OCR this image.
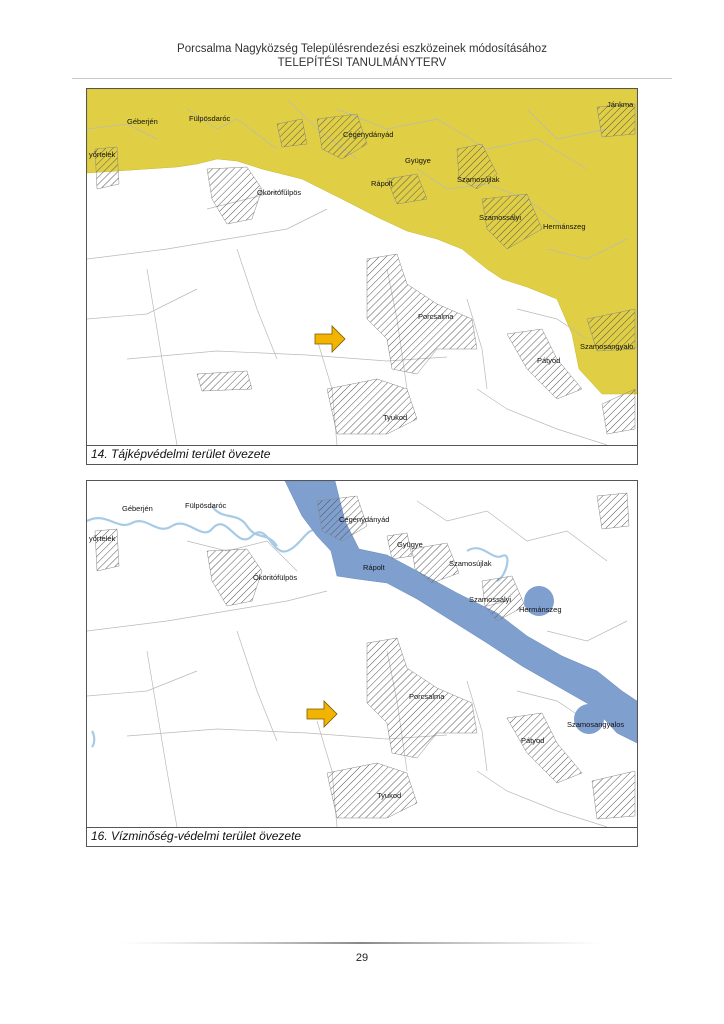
Porcsalma Nagyközség Településrendezési eszközeinek módosításához
TELEPÍTÉSI TANULMÁNYTERV
Géberjén	Fülpösdaróc
yőrtelek
Cégénydányád
Gyügye
Rápolt	Szamosújlak
Ököritófülpös
Szamossályi
Hermánszeg
Porcsalma
Pátyod
Szamosangyalo
Tyukod
Jánkma
14. Tájképvédelmi terület övezete
Géberjén	Fülpösdaróc
yőrtelek
Cégénydányád
Gyügye
Rápolt	Szamosújlak
Ököritófülpös
Szamossályi
Hermánszeg
Porcsalma
Pátyod
Szamosangyalos
Tyukod
16. Vízminőség-védelmi terület övezete
29
